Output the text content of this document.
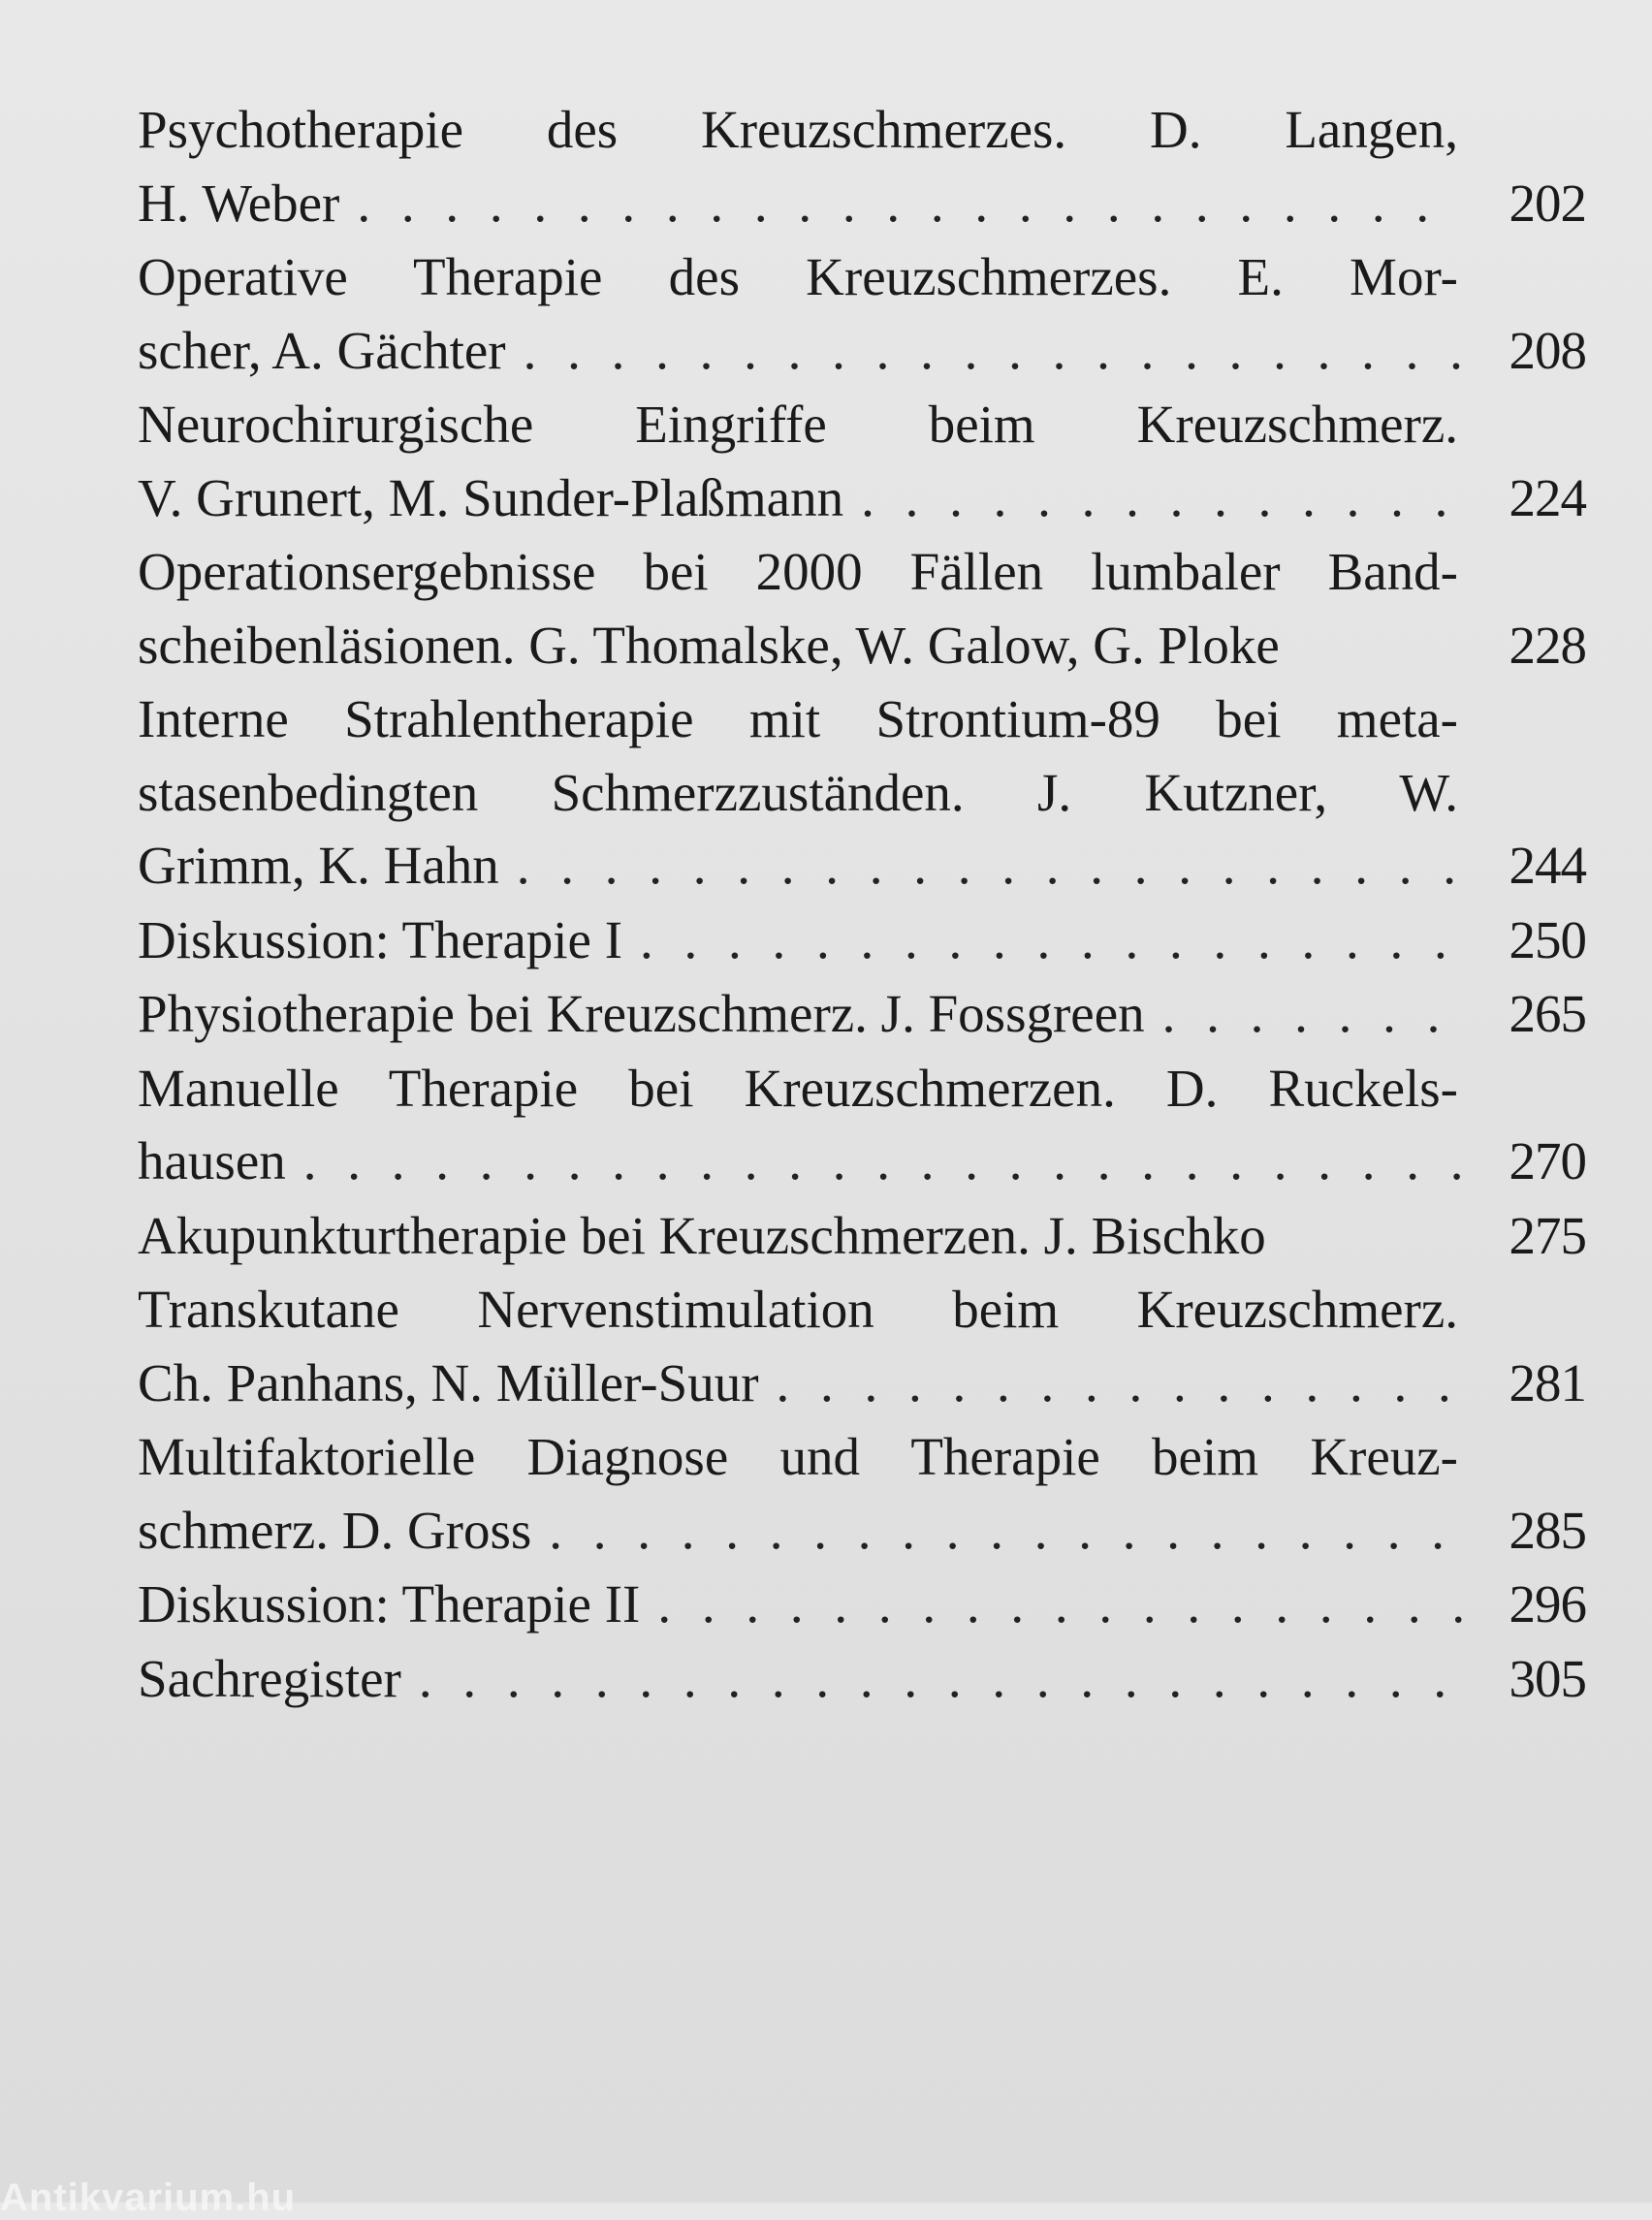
Psychotherapie des Kreuzschmerzes. D. Langen,
H. Weber . . .	202
Operative Therapie des Kreuzschmerzes. E. Mor-
scher, A. Gächter . . .	208
Neurochirurgische Eingriffe beim Kreuzschmerz.
V. Grunert, M. Sunder-Plaßmann . . .	224
Operationsergebnisse bei 2000 Fällen lumbaler Band-
scheibenläsionen. G. Thomalske, W. Galow, G. Ploke	228
Interne Strahlentherapie mit Strontium-89 bei meta-
stasenbedingten Schmerzzuständen. J. Kutzner, W.
Grimm, K. Hahn . . .	244
Diskussion: Therapie I . . .	250
Physiotherapie bei Kreuzschmerz. J. Fossgreen . . .	265
Manuelle Therapie bei Kreuzschmerzen. D. Ruckels-
hausen . . .	270
Akupunkturtherapie bei Kreuzschmerzen. J. Bischko	275
Transkutane Nervenstimulation beim Kreuzschmerz.
Ch. Panhans, N. Müller-Suur . . .	281
Multifaktorielle Diagnose und Therapie beim Kreuz-
schmerz. D. Gross . . .	285
Diskussion: Therapie II . . .	296
Sachregister . . .	305
Antikvarium.hu
